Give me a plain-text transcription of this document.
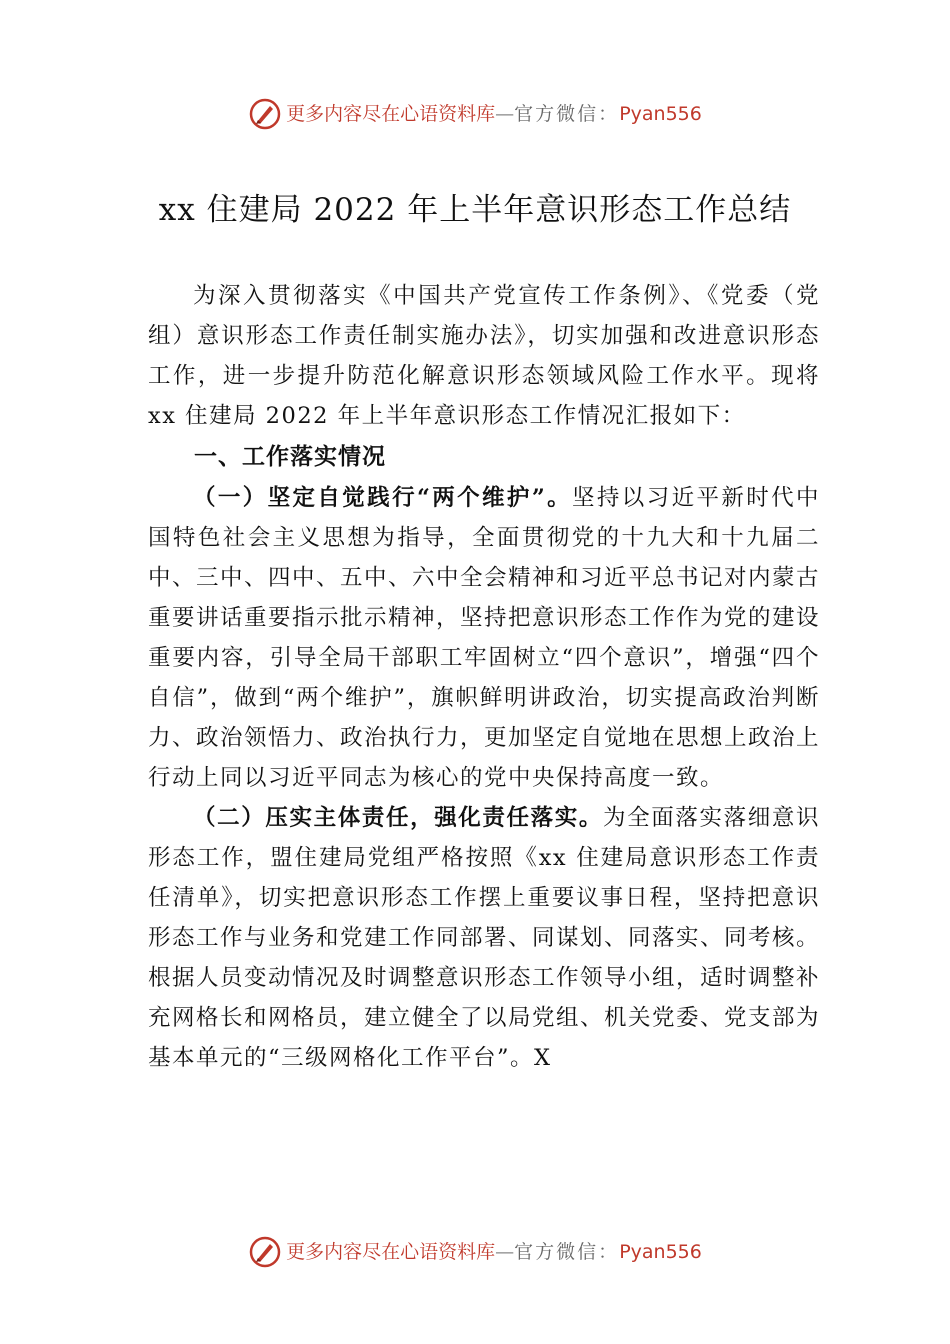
更多内容尽在心语资料库—官方微信：Pyan556
xx 住建局 2022 年上半年意识形态工作总结

为深入贯彻落实《中国共产党宣传工作条例》、《党委（党组）意识形态工作责任制实施办法》，切实加强和改进意识形态工作，进一步提升防范化解意识形态领域风险工作水平。现将 xx 住建局 2022 年上半年意识形态工作情况汇报如下：

一、工作落实情况

（一）坚定自觉践行“两个维护”。坚持以习近平新时代中国特色社会主义思想为指导，全面贯彻党的十九大和十九届二中、三中、四中、五中、六中全会精神和习近平总书记对内蒙古重要讲话重要指示批示精神，坚持把意识形态工作作为党的建设重要内容，引导全局干部职工牢固树立“四个意识”，增强“四个自信”，做到“两个维护”，旗帜鲜明讲政治，切实提高政治判断力、政治领悟力、政治执行力，更加坚定自觉地在思想上政治上行动上同以习近平同志为核心的党中央保持高度一致。

（二）压实主体责任，强化责任落实。为全面落实落细意识形态工作，盟住建局党组严格按照《xx 住建局意识形态工作责任清单》，切实把意识形态工作摆上重要议事日程，坚持把意识形态工作与业务和党建工作同部署、同谋划、同落实、同考核。根据人员变动情况及时调整意识形态工作领导小组，适时调整补充网格长和网格员，建立健全了以局党组、机关党委、党支部为基本单元的“三级网格化工作平台”。X

更多内容尽在心语资料库—官方微信：Pyan556
